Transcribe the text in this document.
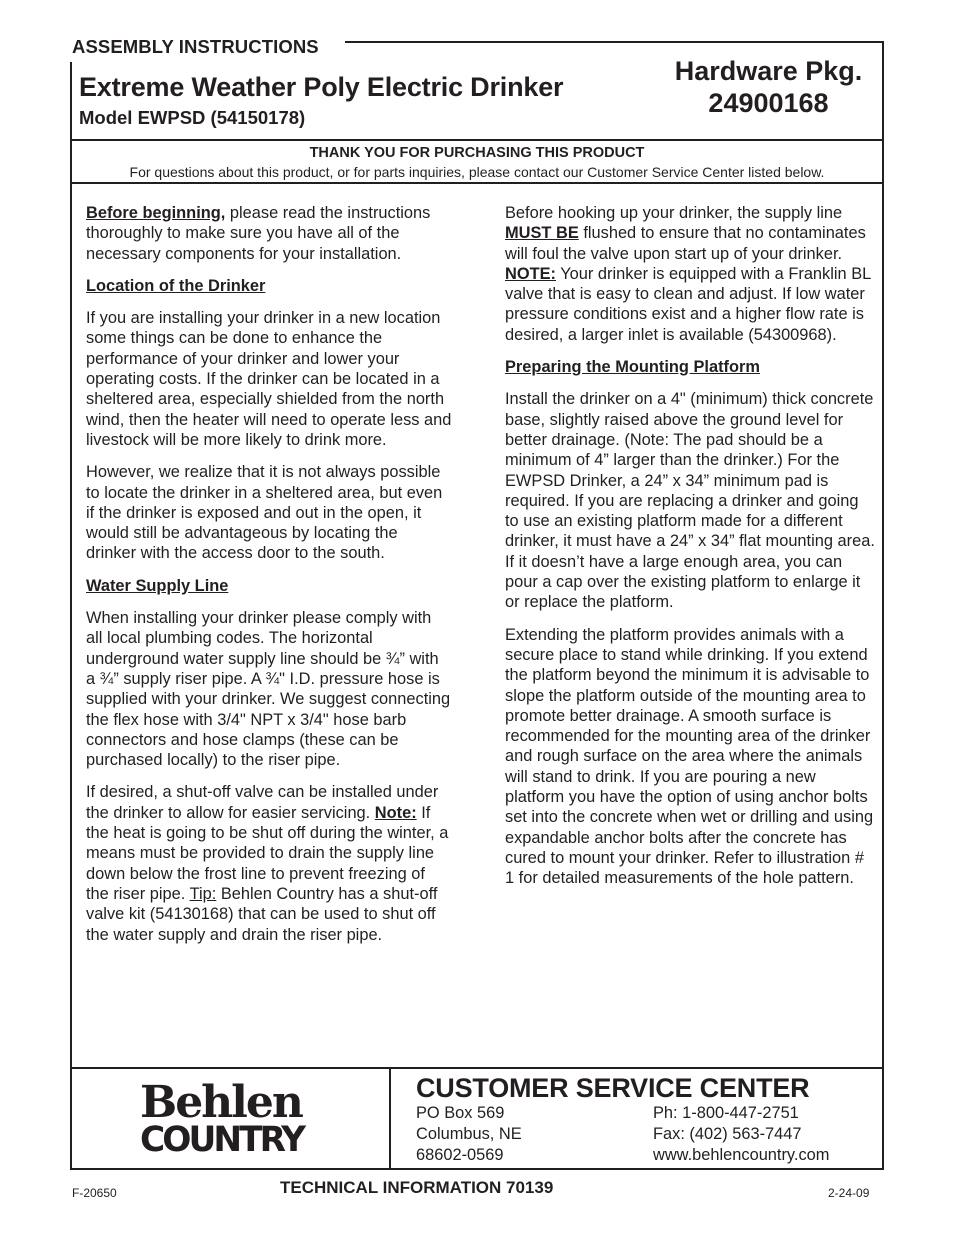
ASSEMBLY INSTRUCTIONS
Extreme Weather Poly Electric Drinker
Model EWPSD (54150178)
Hardware Pkg.
24900168
THANK YOU FOR PURCHASING THIS PRODUCT
For questions about this product, or for parts inquiries, please contact our Customer Service Center listed below.

Before beginning, please read the instructions thoroughly to make sure you have all of the necessary components for your installation.

Location of the Drinker

If you are installing your drinker in a new location some things can be done to enhance the performance of your drinker and lower your operating costs. If the drinker can be located in a sheltered area, especially shielded from the north wind, then the heater will need to operate less and livestock will be more likely to drink more.

However, we realize that it is not always possible to locate the drinker in a sheltered area, but even if the drinker is exposed and out in the open, it would still be advantageous by locating the drinker with the access door to the south.

Water Supply Line

When installing your drinker please comply with all local plumbing codes. The horizontal underground water supply line should be ¾” with a ¾” supply riser pipe. A ¾" I.D. pressure hose is supplied with your drinker. We suggest connecting the flex hose with 3/4" NPT x 3/4" hose barb connectors and hose clamps (these can be purchased locally) to the riser pipe.

If desired, a shut-off valve can be installed under the drinker to allow for easier servicing. Note: If the heat is going to be shut off during the winter, a means must be provided to drain the supply line down below the frost line to prevent freezing of the riser pipe. Tip: Behlen Country has a shut-off valve kit (54130168) that can be used to shut off the water supply and drain the riser pipe.

Before hooking up your drinker, the supply line MUST BE flushed to ensure that no contaminates will foul the valve upon start up of your drinker. NOTE: Your drinker is equipped with a Franklin BL valve that is easy to clean and adjust. If low water pressure conditions exist and a higher flow rate is desired, a larger inlet is available (54300968).

Preparing the Mounting Platform

Install the drinker on a 4" (minimum) thick concrete base, slightly raised above the ground level for better drainage. (Note: The pad should be a minimum of 4” larger than the drinker.) For the EWPSD Drinker, a 24” x 34” minimum pad is required. If you are replacing a drinker and going to use an existing platform made for a different drinker, it must have a 24” x 34” flat mounting area. If it doesn’t have a large enough area, you can pour a cap over the existing platform to enlarge it or replace the platform.

Extending the platform provides animals with a secure place to stand while drinking. If you extend the platform beyond the minimum it is advisable to slope the platform outside of the mounting area to promote better drainage. A smooth surface is recommended for the mounting area of the drinker and rough surface on the area where the animals will stand to drink. If you are pouring a new platform you have the option of using anchor bolts set into the concrete when wet or drilling and using expandable anchor bolts after the concrete has cured to mount your drinker. Refer to illustration # 1 for detailed measurements of the hole pattern.

Behlen
COUNTRY
CUSTOMER SERVICE CENTER
PO Box 569
Columbus, NE
68602-0569
Ph: 1-800-447-2751
Fax: (402) 563-7447
www.behlencountry.com
F-20650	TECHNICAL INFORMATION 70139	2-24-09
